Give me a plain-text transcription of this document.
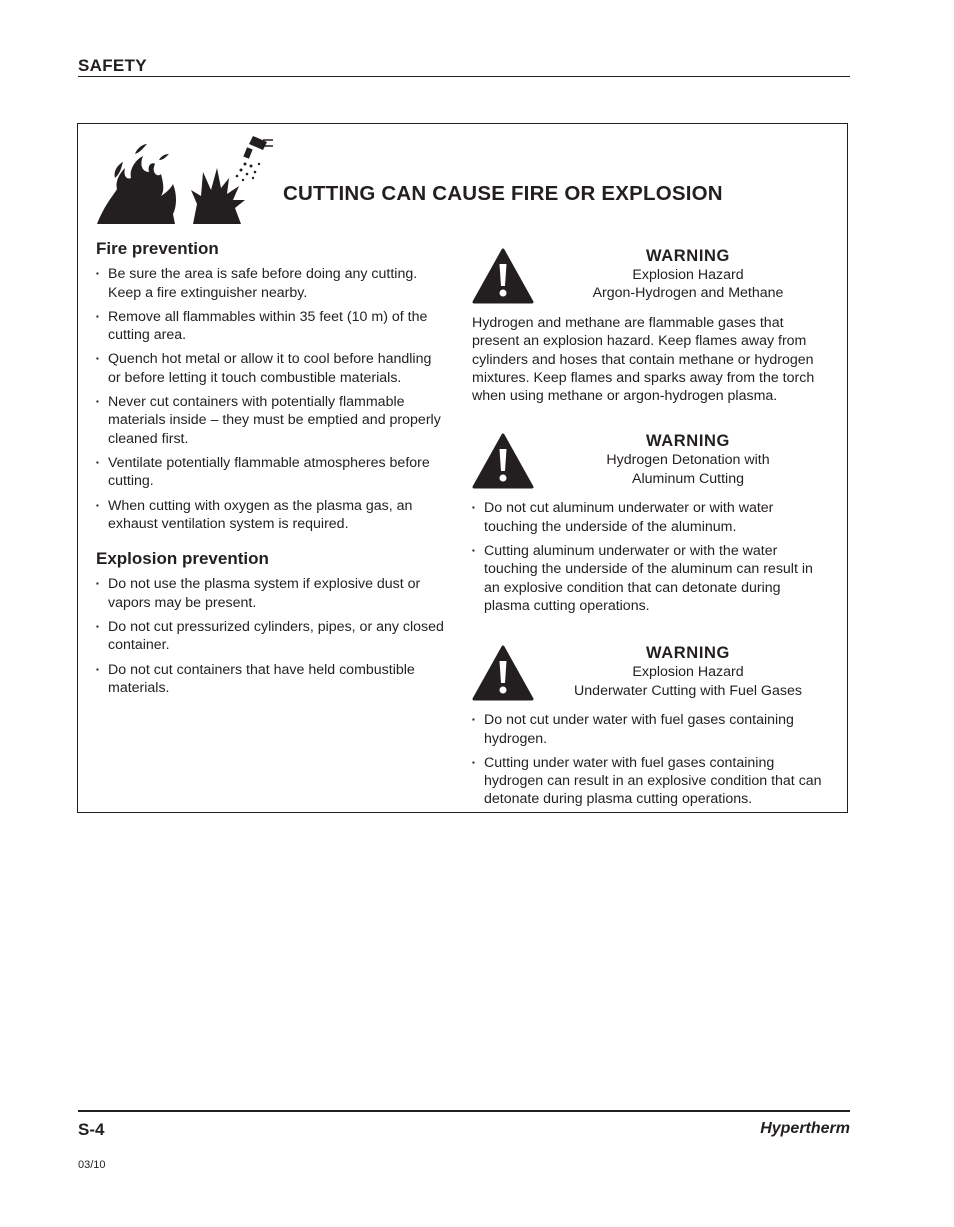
SAFETY
CUTTING CAN CAUSE FIRE OR EXPLOSION
Fire prevention
▪ Be sure the area is safe before doing any cutting. Keep a fire extinguisher nearby.
▪ Remove all flammables within 35 feet (10 m) of the cutting area.
▪ Quench hot metal or allow it to cool before handling or before letting it touch combustible materials.
▪ Never cut containers with potentially flammable materials inside – they must be emptied and properly cleaned first.
▪ Ventilate potentially flammable atmospheres before cutting.
▪ When cutting with oxygen as the plasma gas, an exhaust ventilation system is required.
Explosion prevention
▪ Do not use the plasma system if explosive dust or vapors may be present.
▪ Do not cut pressurized cylinders, pipes, or any closed container.
▪ Do not cut containers that have held combustible materials.
WARNING
Explosion Hazard
Argon-Hydrogen and Methane

Hydrogen and methane are flammable gases that present an explosion hazard. Keep flames away from cylinders and hoses that contain methane or hydrogen mixtures. Keep flames and sparks away from the torch when using methane or argon-hydrogen plasma.

WARNING
Hydrogen Detonation with
Aluminum Cutting
▪ Do not cut aluminum underwater or with water touching the underside of the aluminum.
▪ Cutting aluminum underwater or with the water touching the underside of the aluminum can result in an explosive condition that can detonate during plasma cutting operations.
WARNING
Explosion Hazard
Underwater Cutting with Fuel Gases
▪ Do not cut under water with fuel gases containing hydrogen.
▪ Cutting under water with fuel gases containing hydrogen can result in an explosive condition that can detonate during plasma cutting operations.
S-4	Hypertherm
03/10
